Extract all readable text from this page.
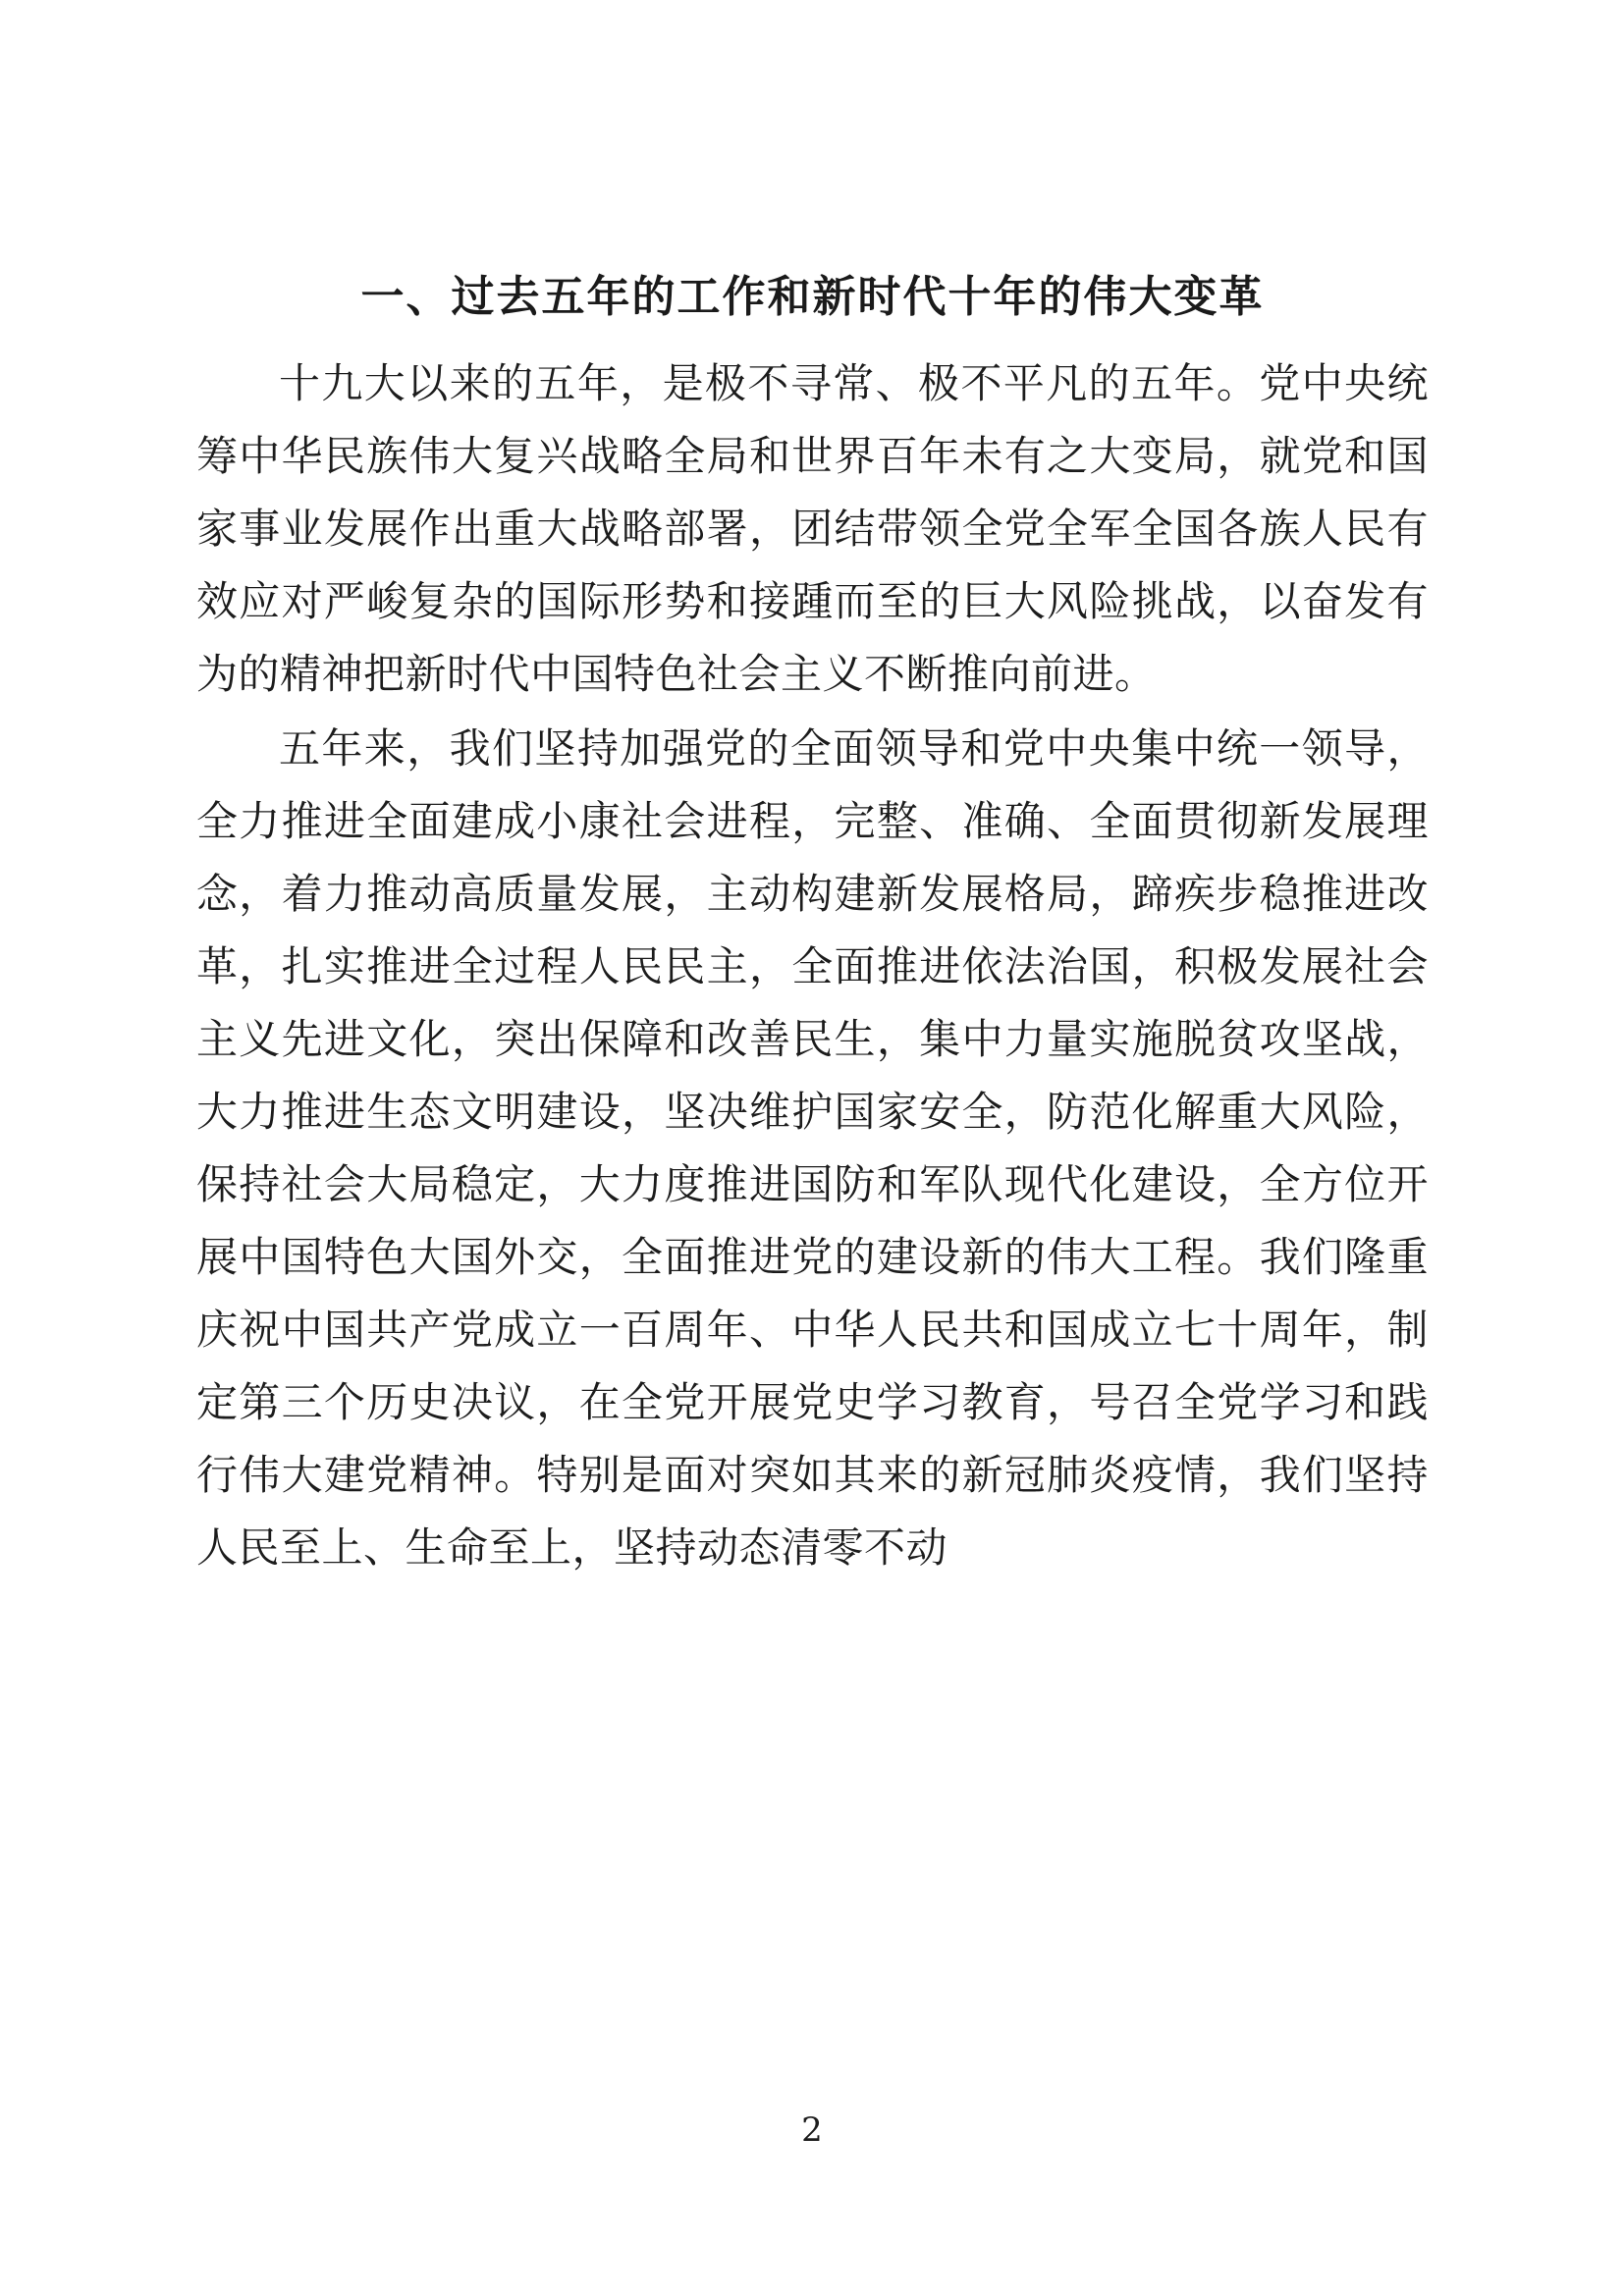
一、过去五年的工作和新时代十年的伟大变革

十九大以来的五年，是极不寻常、极不平凡的五年。党中央统筹中华民族伟大复兴战略全局和世界百年未有之大变局，就党和国家事业发展作出重大战略部署，团结带领全党全军全国各族人民有效应对严峻复杂的国际形势和接踵而至的巨大风险挑战，以奋发有为的精神把新时代中国特色社会主义不断推向前进。

五年来，我们坚持加强党的全面领导和党中央集中统一领导，全力推进全面建成小康社会进程，完整、准确、全面贯彻新发展理念，着力推动高质量发展，主动构建新发展格局，蹄疾步稳推进改革，扎实推进全过程人民民主，全面推进依法治国，积极发展社会主义先进文化，突出保障和改善民生，集中力量实施脱贫攻坚战，大力推进生态文明建设，坚决维护国家安全，防范化解重大风险，保持社会大局稳定，大力度推进国防和军队现代化建设，全方位开展中国特色大国外交，全面推进党的建设新的伟大工程。我们隆重庆祝中国共产党成立一百周年、中华人民共和国成立七十周年，制定第三个历史决议，在全党开展党史学习教育，号召全党学习和践行伟大建党精神。特别是面对突如其来的新冠肺炎疫情，我们坚持人民至上、生命至上，坚持动态清零不动

2
